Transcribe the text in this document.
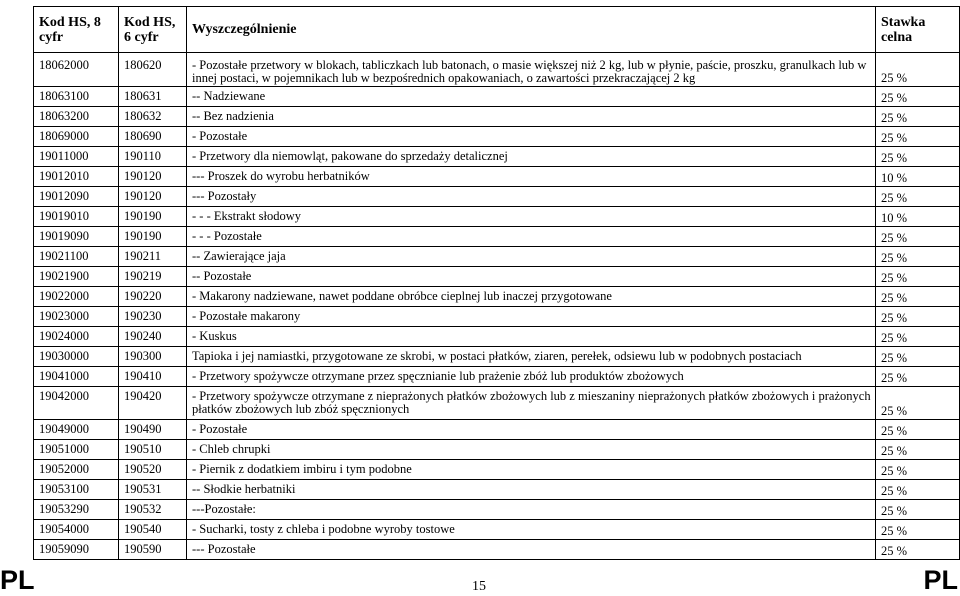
Kod HS, 8 cyfr	Kod HS, 6 cyfr	Wyszczególnienie	Stawka celna
18062000	180620	- Pozostałe przetwory w blokach, tabliczkach lub batonach, o masie większej niż 2 kg, lub w płynie, paście, proszku, granulkach lub w innej postaci, w pojemnikach lub w bezpośrednich opakowaniach, o zawartości przekraczającej 2 kg	25 %
18063100	180631	-- Nadziewane	25 %
18063200	180632	-- Bez nadzienia	25 %
18069000	180690	- Pozostałe	25 %
19011000	190110	- Przetwory dla niemowląt, pakowane do sprzedaży detalicznej	25 %
19012010	190120	--- Proszek do wyrobu herbatników	10 %
19012090	190120	--- Pozostały	25 %
19019010	190190	- - - Ekstrakt słodowy	10 %
19019090	190190	- - - Pozostałe	25 %
19021100	190211	-- Zawierające jaja	25 %
19021900	190219	-- Pozostałe	25 %
19022000	190220	- Makarony nadziewane, nawet poddane obróbce cieplnej lub inaczej przygotowane	25 %
19023000	190230	- Pozostałe makarony	25 %
19024000	190240	- Kuskus	25 %
19030000	190300	Tapioka i jej namiastki, przygotowane ze skrobi, w postaci płatków, ziaren, perełek, odsiewu lub w podobnych postaciach	25 %
19041000	190410	- Przetwory spożywcze otrzymane przez spęcznianie lub prażenie zbóż lub produktów zbożowych	25 %
19042000	190420	- Przetwory spożywcze otrzymane z nieprażonych płatków zbożowych lub z mieszaniny nieprażonych płatków zbożowych i prażonych płatków zbożowych lub zbóż spęcznionych	25 %
19049000	190490	- Pozostałe	25 %
19051000	190510	- Chleb chrupki	25 %
19052000	190520	- Piernik z dodatkiem imbiru i tym podobne	25 %
19053100	190531	-- Słodkie herbatniki	25 %
19053290	190532	---Pozostałe:	25 %
19054000	190540	- Sucharki, tosty z chleba i podobne wyroby tostowe	25 %
19059090	190590	--- Pozostałe	25 %
PL	15	PL
